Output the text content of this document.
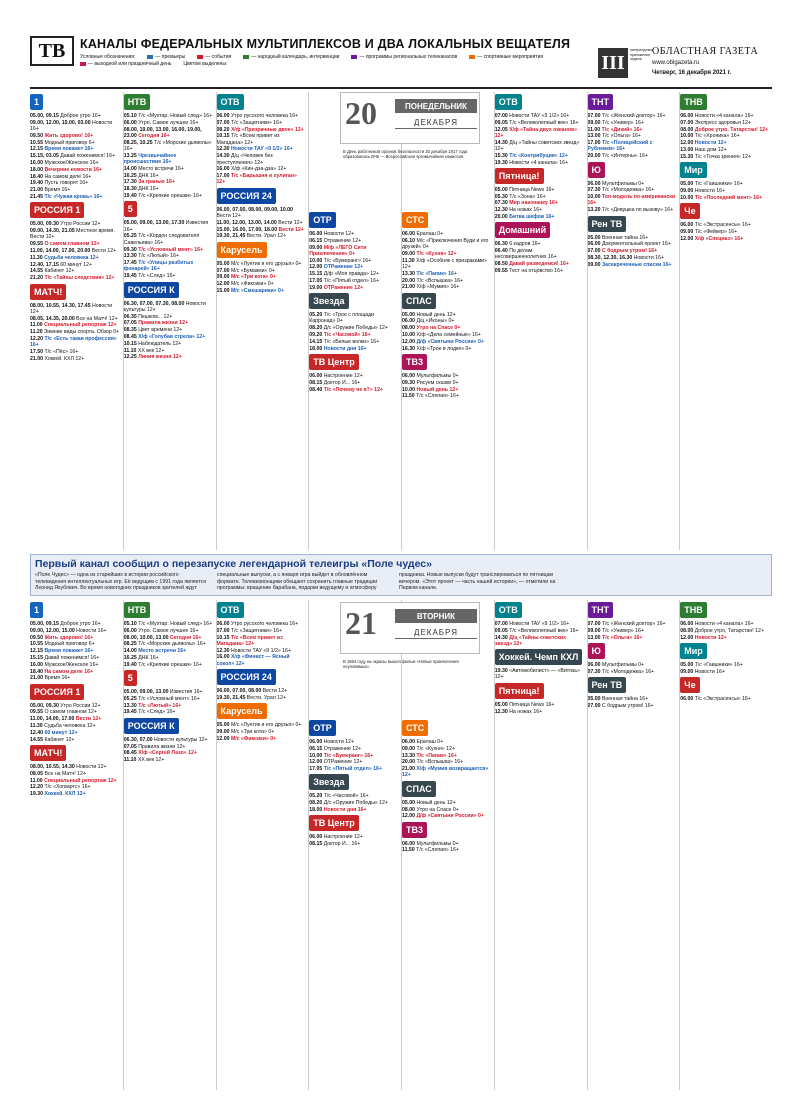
ТВ	КАНАЛЫ ФЕДЕРАЛЬНЫХ МУЛЬТИПЛЕКСОВ И ДВА ЛОКАЛЬНЫХ ВЕЩАТЕЛЯ
Условные обозначения:	— премьеры	— события	— народный календарь, интервенции	— программы региональных телеканалов	— спортивные мероприятия— выходной или праздничный день Цветом выделены:	III
литературные приложения неделя
ОБЛАСТНАЯ ГАЗЕТА
www.oblgazeta.ru
Четверг, 16 декабря 2021 г.
1
05.00, 09.15 Доброе утро 16+
09.00, 12.00, 15.00, 03.00 Новости 16+
09.50 Жить здорово! 16+
10.55 Модный приговор 6+
12.15 Время покажет 16+
15.15, 03.05 Давай поженимся! 16+
16.00 Мужское/Женское 16+
18.00 Вечерние новости 16+
18.40 На самом деле 16+
19.40 Пусть говорят 16+
21.00 Время 16+
21.45 Т/с «Чужая кровь» 16+
РОССИЯ 1
05.00, 09.30 Утро России 12+
09.00, 14.30, 21.05 Местное время. Вести 12+
09.55 О самом главном 12+
11.00, 14.00, 17.00, 20.00 Вести 12+
11.30 Судьба человека 12+
12.40, 17.15 60 минут 12+
14.55 Кабинет 12+
21.20 Т/с «Тайны следствия» 12+
МАТЧ!
08.00, 10.55, 14.30, 17.45 Новости 12+
08.05, 14.35, 20.00 Все на Матч! 12+
11.00 Специальный репортаж 12+
11.20 Зимние виды спорта. Обзор 0+
12.20 Т/с «Есть такая профессия» 16+
17.50 Т/с «Пёс» 16+
21.00 Хоккей. КХЛ 12+
НТВ
05.10 Т/с «Мухтар. Новый след» 16+
06.00 Утро. Самое лучшее 16+
08.00, 10.00, 13.00, 16.00, 19.00, 23.00 Сегодня 16+
08.25, 10.25 Т/с «Морские дьяволы» 16+
13.25 Чрезвычайное происшествие 16+
14.00 Место встречи 16+
16.25 ДНК 16+
17.30 За гранью 16+
18.30 ДНК 16+
19.40 Т/с «Крепкие орешки» 16+
5
05.00, 09.00, 13.00, 17.30 Известия 16+
05.25 Т/с «Кордон следователя Савельева» 16+
09.30 Т/с «Условный мент» 16+
13.30 Т/с «Лютый» 16+
17.45 Т/с «Улицы разбитых фонарей» 16+
19.45 Т/с «След» 16+
РОССИЯ К
06.30, 07.00, 07.30, 08.00 Новости культуры 12+
06.35 Пешком... 12+
07.05 Правила жизни 12+
08.35 Цвет времени 12+
08.45 Х/ф «Голубая стрела» 12+
10.15 Наблюдатель 12+
11.10 ХX век 12+
12.25 Линия жизни 12+
ОТВ
06.00 Утро русского человека 16+
07.00 Т/с «Защитники» 16+
08.20 Х/ф «Призрачные двое» 12+
10.15 Т/с «Всем привет из Магадана» 12+
12.30 Новости ТАУ «9 1/2» 16+
14.30 Д/ц «Человек без преступления» 12+
16.00 Х/ф «Кин-дза-дза» 12+
17.00 Т/с «Барышня и хулиган» 12+
РОССИЯ 24
06.00, 07.00, 08.00, 09.00, 10.00 Вести 12+
11.00, 12.00, 13.00, 14.00 Вести 12+
15.00, 16.00, 17.00, 18.00 Вести 12+
19.30, 21.45 Вести. Урал 12+
Карусель
05.00 М/с «Лунтик и его друзья» 0+
07.00 М/с «Бумажки» 0+
09.00 М/с «Три кота» 0+
12.00 М/с «Фиксики» 0+
15.00 М/с «Смешарики» 0+
ОТР
06.00 Новости 12+
06.15 Отражение 12+
09.00 М/ф «ЛЕГО Сити Приключения» 0+
10.00 Т/с «Бумеранг» 16+
12.00 ОТРажение 12+
15.15 Д/ф «Моя правда» 12+
17.05 Т/с «Пятый отдел» 16+
19.00 ОТРажение 12+
Звезда
05.20 Т/с «Трое с площади Карронад» 0+
08.20 Д/с «Оружие Победы» 12+
09.20 Т/с «Часовой» 16+
14.15 Т/с «Белые волки» 16+
18.00 Новости дня 16+
ТВ Центр
06.00 Настроение 12+
08.15 Доктор И... 16+
08.40 Т/с «Почему не я?» 12+
СТС
06.00 Ералаш 0+
06.10 М/с «Приключения Вуди и его друзей» 0+
09.00 Т/с «Кухня» 12+
11.30 Х/ф «Особняк с призраками» 12+
13.30 Т/с «Папик» 16+
20.00 Т/с «Вспышка» 16+
21.00 Х/ф «Мумия» 16+
СПАС
05.00 Новый день 12+
06.00 Д/ц «Иконы» 0+
08.00 Утро на Спасе 0+
10.00 Х/ф «Дела семейные» 16+
12.00 Д/ф «Святыни России» 0+
16.30 Х/ф «Трое в лодке» 0+
ТВ3
06.00 Мультфильмы 0+
09.30 Рисуем сказки 0+
10.00 Новый день 12+
11.50 Т/с «Слепая» 16+
ОТВ
07.00 Новости ТАУ «9 1/2» 16+
09.05 Т/с «Великолепный век» 16+
12.05 Х/ф «Тайна двух океанов» 12+
14.30 Д/ц «Тайны советских звезд» 12+
15.30 Т/с «Контрибуция» 12+
19.30 Новости «4 канала» 16+
Пятница!
05.00 Пятница News 16+
05.30 Т/с «Зона» 16+
07.30 Мир наизнанку 16+
12.30 На ножах 16+
20.00 Битва шефов 16+
Домашний
06.30 6 кадров 16+
06.40 По делам несовершеннолетних 16+
08.50 Давай разведемся! 16+
09.55 Тест на отцовство 16+
ТНТ
07.00 Т/с «Женский доктор» 16+
09.00 Т/с «Универ» 16+
11.00 Т/с «Дикий» 16+
13.00 Т/с «Ольга» 16+
17.00 Т/с «Полицейский с Рублевки» 16+
20.00 Т/с «Интерны» 16+
Ю
06.00 Мультфильмы 0+
07.30 Т/с «Молодежка» 16+
10.00 Топ-модель по-американски 16+
13.20 Т/с «Девушка по вызову» 16+
Рен ТВ
05.00 Военная тайна 16+
06.00 Документальный проект 16+
07.00 С бодрым утром! 16+
08.30, 12.30, 16.30 Новости 16+
09.00 Засекреченные списки 16+
ТНВ
06.00 Новости «4 канала» 16+
07.00 Экспресс здоровья 12+
08.00 Доброе утро, Татарстан! 12+
10.00 Т/с «Хроника» 16+
12.00 Новости 12+
13.00 Наш дом 12+
15.30 Т/с «Точка зрения» 12+
Мир
05.00 Т/с «Гаишники» 16+
09.00 Новости 16+
10.00 Т/с «Последний мент» 16+
Че
06.00 Т/с «Экстрасенсы» 16+
09.00 Т/с «Фейкер» 16+
12.00 Х/ф «Спецназ» 16+
20	ПОНЕДЕЛЬНИК
ДЕКАБРЯ
В День работников органов безопасности 20 декабря 1917 года образовалась ВЧК — Всероссийская чрезвычайная комиссия.
Первый канал сообщил о перезапуске легендарной телеигры «Поле чудес»
«Поле Чудес» — одна из старейших в истории российского телевидения интеллектуальных игр. Её ведущим с 1991 года является Леонид Якубович. Во время новогодних праздников зрителей ждут специальные выпуски, а с января игра выйдет в обновлённом формате. Телевизионщики обещают сохранить главные традиции программы: вращение барабана, подарки ведущему и атмосферу праздника. Новые выпуски будут транслироваться по пятницам вечером. «Этот проект — часть нашей истории», — отметили на Первом канале.
1
05.00, 09.15 Доброе утро 16+
09.00, 12.00, 15.00 Новости 16+
09.50 Жить здорово! 16+
10.55 Модный приговор 6+
12.15 Время покажет 16+
15.15 Давай поженимся! 16+
16.00 Мужское/Женское 16+
18.40 На самом деле 16+
21.00 Время 16+
РОССИЯ 1
05.00, 09.30 Утро России 12+
09.55 О самом главном 12+
11.00, 14.00, 17.00 Вести 12+
11.30 Судьба человека 12+
12.40 60 минут 12+
14.55 Кабинет 12+
МАТЧ!
08.00, 10.55, 14.30 Новости 12+
08.05 Все на Матч! 12+
11.00 Специальный репортаж 12+
12.20 Т/с «Хогвартс» 16+
19.30 Хоккей. КХЛ 12+
НТВ
05.10 Т/с «Мухтар. Новый след» 16+
06.00 Утро. Самое лучшее 16+
08.00, 10.00, 13.00 Сегодня 16+
08.25 Т/с «Морские дьяволы» 16+
14.00 Место встречи 16+
16.25 ДНК 16+
19.40 Т/с «Крепкие орешки» 16+
5
05.00, 09.00, 13.00 Известия 16+
05.25 Т/с «Условный мент» 16+
13.30 Т/с «Лютый» 16+
19.45 Т/с «След» 16+
РОССИЯ К
06.30, 07.00 Новости культуры 12+
07.05 Правила жизни 12+
08.45 Х/ф «Сергей Лазо» 12+
11.10 ХX век 12+
ОТВ
06.00 Утро русского человека 16+
07.00 Т/с «Защитники» 16+
10.15 Т/с «Всем привет из Магадана» 12+
12.30 Новости ТАУ «9 1/2» 16+
16.00 Х/ф «Финист — Ясный сокол» 12+
РОССИЯ 24
06.00, 07.00, 08.00 Вести 12+
19.30, 21.45 Вести. Урал 12+
Карусель
05.00 М/с «Лунтик и его друзья» 0+
09.00 М/с «Три кота» 0+
12.00 М/с «Фиксики» 0+
ОТР
06.00 Новости 12+
06.15 Отражение 12+
10.00 Т/с «Бумеранг» 16+
12.00 ОТРажение 12+
17.05 Т/с «Пятый отдел» 16+
Звезда
05.20 Т/с «Часовой» 16+
08.20 Д/с «Оружие Победы» 12+
18.00 Новости дня 16+
ТВ Центр
06.00 Настроение 12+
08.15 Доктор И... 16+
СТС
06.00 Ералаш 0+
09.00 Т/с «Кухня» 12+
13.30 Т/с «Папик» 16+
20.00 Т/с «Вспышка» 16+
21.00 Х/ф «Мумия возвращается» 12+
СПАС
05.00 Новый день 12+
08.00 Утро на Спасе 0+
12.00 Д/ф «Святыни России» 0+
ТВ3
06.00 Мультфильмы 0+
11.50 Т/с «Слепая» 16+
ОТВ
07.00 Новости ТАУ «9 1/2» 16+
09.05 Т/с «Великолепный век» 16+
14.30 Д/ц «Тайны советских звезд» 12+
Хоккей. Чемп КХЛ
19.30 «Автомобилист» — «Витязь» 12+
Пятница!
05.00 Пятница News 16+
12.30 На ножах 16+
ТНТ
07.00 Т/с «Женский доктор» 16+
09.00 Т/с «Универ» 16+
13.00 Т/с «Ольга» 16+
Ю
06.00 Мультфильмы 0+
07.30 Т/с «Молодежка» 16+
Рен ТВ
05.00 Военная тайна 16+
07.00 С бодрым утром! 16+
ТНВ
06.00 Новости «4 канала» 16+
08.00 Доброе утро, Татарстан! 12+
12.00 Новости 12+
Мир
05.00 Т/с «Гаишники» 16+
09.00 Новости 16+
Че
06.00 Т/с «Экстрасенсы» 16+
21	ВТОРНИК
ДЕКАБРЯ
В 1964 году на экраны вышел фильм «Новые приключения неуловимых».
